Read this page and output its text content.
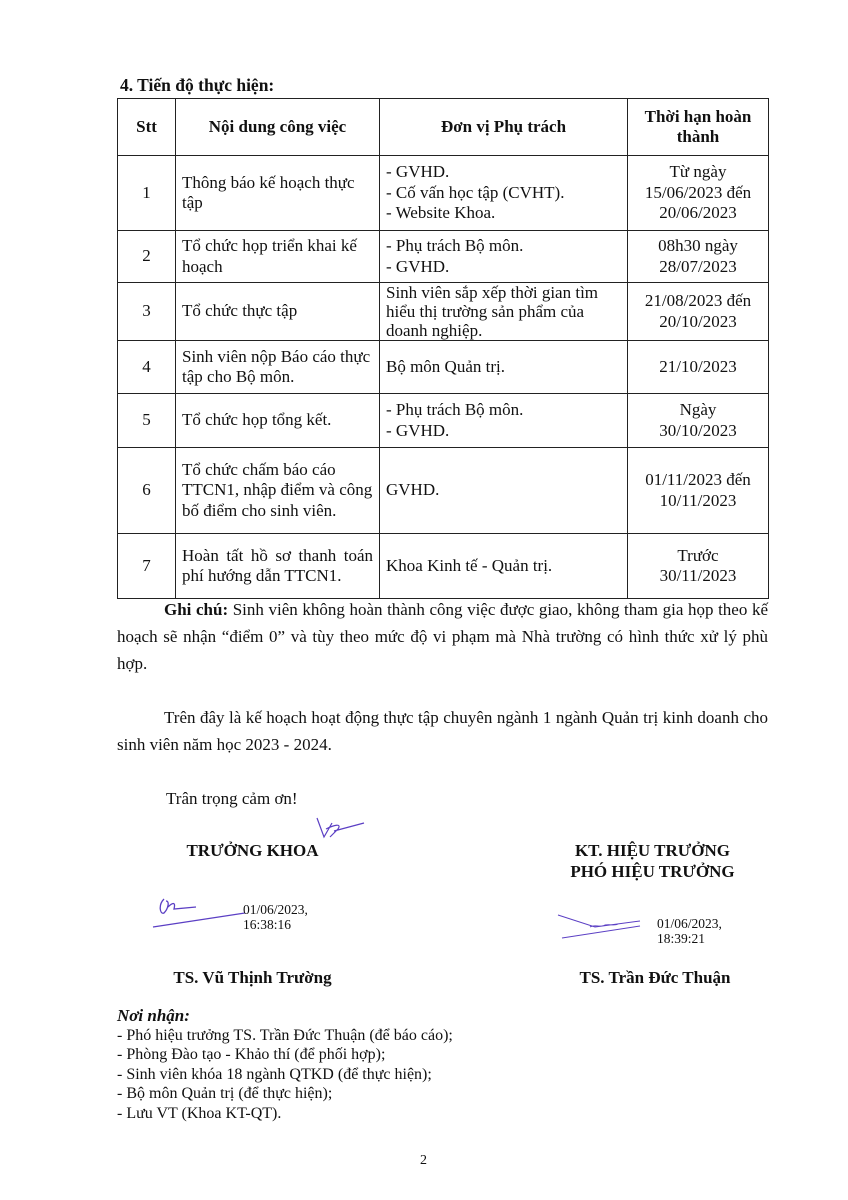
4. Tiến độ thực hiện:
Stt	Nội dung công việc	Đơn vị Phụ trách	Thời hạn hoàn thành
1	Thông báo kế hoạch thực tập	- GVHD.
- Cố vấn học tập (CVHT).
- Website Khoa.	Từ ngày
15/06/2023 đến
20/06/2023

2	Tổ chức họp triển khai kế hoạch	- Phụ trách Bộ môn.
- GVHD.	08h30 ngày
28/07/2023

3	Tổ chức thực tập	Sinh viên sắp xếp thời gian tìm hiểu thị trường sản phẩm của doanh nghiệp.	21/08/2023 đến
20/10/2023

4	Sinh viên nộp Báo cáo thực tập cho Bộ môn.	Bộ môn Quản trị.	21/10/2023

5	Tổ chức họp tổng kết.	- Phụ trách Bộ môn.
- GVHD.	Ngày
30/10/2023

6	Tổ chức chấm báo cáo TTCN1, nhập điểm và công bố điểm cho sinh viên.	GVHD.	01/11/2023 đến
10/11/2023

7	Hoàn tất hồ sơ thanh toán phí hướng dẫn TTCN1.	Khoa Kinh tế - Quản trị.	Trước
30/11/2023
Ghi chú: Sinh viên không hoàn thành công việc được giao, không tham gia họp theo kế hoạch sẽ nhận “điểm 0” và tùy theo mức độ vi phạm mà Nhà trường có hình thức xử lý phù hợp.
Trên đây là kế hoạch hoạt động thực tập chuyên ngành 1 ngành Quản trị kinh doanh cho sinh viên năm học 2023 - 2024.
Trân trọng cảm ơn!
TRƯỞNG KHOA	KT. HIỆU TRƯỞNG
PHÓ HIỆU TRƯỞNG
01/06/2023,
16:38:16	01/06/2023,
18:39:21
TS. Vũ Thịnh Trường	TS. Trần Đức Thuận
Nơi nhận:
- Phó hiệu trưởng TS. Trần Đức Thuận (để báo cáo);
- Phòng Đào tạo - Khảo thí (để phối hợp);
- Sinh viên khóa 18 ngành QTKD (để thực hiện);
- Bộ môn Quản trị (để thực hiện);
- Lưu VT (Khoa KT-QT).
2
